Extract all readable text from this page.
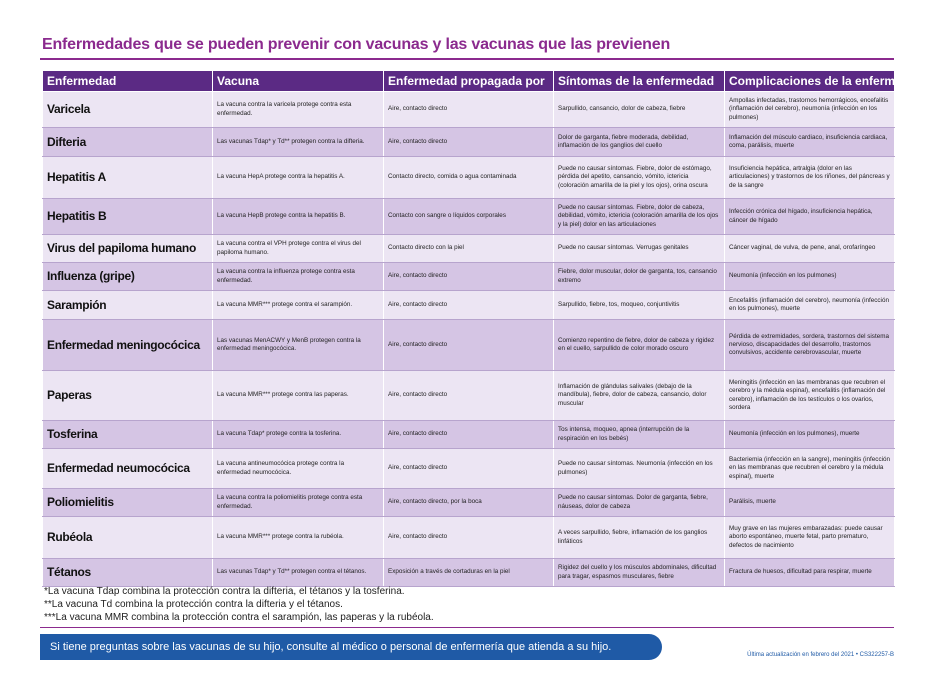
Enfermedades que se pueden prevenir con vacunas y las vacunas que las previenen
Enfermedad	Vacuna	Enfermedad propagada por	Síntomas de la enfermedad	Complicaciones de la enfermedad
Varicela	La vacuna contra la varicela protege contra esta enfermedad.	Aire, contacto directo	Sarpullido, cansancio, dolor de cabeza, fiebre	Ampollas infectadas, trastornos hemorrágicos, encefalitis (inflamación del cerebro), neumonía (infección en los pulmones)
Difteria	Las vacunas Tdap* y Td** protegen contra la difteria.	Aire, contacto directo	Dolor de garganta, fiebre moderada, debilidad, inflamación de los ganglios del cuello	Inflamación del músculo cardiaco, insuficiencia cardiaca, coma, parálisis, muerte
Hepatitis A	La vacuna HepA protege contra la hepatitis A.	Contacto directo, comida o agua contaminada	Puede no causar síntomas. Fiebre, dolor de estómago, pérdida del apetito, cansancio, vómito, ictericia (coloración amarilla de la piel y los ojos), orina oscura	Insuficiencia hepática, artralgia (dolor en las articulaciones) y trastornos de los riñones, del páncreas y de la sangre
Hepatitis B	La vacuna HepB protege contra la hepatitis B.	Contacto con sangre o líquidos corporales	Puede no causar síntomas. Fiebre, dolor de cabeza, debilidad, vómito, ictericia (coloración amarilla de los ojos y la piel) dolor en las articulaciones	Infección crónica del hígado, insuficiencia hepática, cáncer de hígado
Virus del papiloma humano	La vacuna contra el VPH protege contra el virus del papiloma humano.	Contacto directo con la piel	Puede no causar síntomas. Verrugas genitales	Cáncer vaginal, de vulva, de pene, anal, orofaríngeo
Influenza (gripe)	La vacuna contra la influenza protege contra esta enfermedad.	Aire, contacto directo	Fiebre, dolor muscular, dolor de garganta, tos, cansancio extremo	Neumonía (infección en los pulmones)
Sarampión	La vacuna MMR*** protege contra el sarampión.	Aire, contacto directo	Sarpullido, fiebre, tos, moqueo, conjuntivitis	Encefalitis (inflamación del cerebro), neumonía (infección en los pulmones), muerte
Enfermedad meningocócica	Las vacunas MenACWY y MenB protegen contra la enfermedad meningocócica.	Aire, contacto directo	Comienzo repentino de fiebre, dolor de cabeza y rigidez en el cuello, sarpullido de color morado oscuro	Pérdida de extremidades, sordera, trastornos del sistema nervioso, discapacidades del desarrollo, trastornos convulsivos, accidente cerebrovascular, muerte
Paperas	La vacuna MMR*** protege contra las paperas.	Aire, contacto directo	Inflamación de glándulas salivales (debajo de la mandíbula), fiebre, dolor de cabeza, cansancio, dolor muscular	Meningitis (infección en las membranas que recubren el cerebro y la médula espinal), encefalitis (inflamación del cerebro), inflamación de los testículos o los ovarios, sordera
Tosferina	La vacuna Tdap* protege contra la tosferina.	Aire, contacto directo	Tos intensa, moqueo, apnea (interrupción de la respiración en los bebés)	Neumonía (infección en los pulmones), muerte
Enfermedad neumocócica	La vacuna antineumocócica protege contra la enfermedad neumocócica.	Aire, contacto directo	Puede no causar síntomas. Neumonía (infección en los pulmones)	Bacteriemia (infección en la sangre), meningitis (infección en las membranas que recubren el cerebro y la médula espinal), muerte
Poliomielitis	La vacuna contra la poliomielitis protege contra esta enfermedad.	Aire, contacto directo, por la boca	Puede no causar síntomas. Dolor de garganta, fiebre, náuseas, dolor de cabeza	Parálisis, muerte
Rubéola	La vacuna MMR*** protege contra la rubéola.	Aire, contacto directo	A veces sarpullido, fiebre, inflamación de los ganglios linfáticos	Muy grave en las mujeres embarazadas: puede causar aborto espontáneo, muerte fetal, parto prematuro, defectos de nacimiento
Tétanos	Las vacunas Tdap* y Td** protegen contra el tétanos.	Exposición a través de cortaduras en la piel	Rigidez del cuello y los músculos abdominales, dificultad para tragar, espasmos musculares, fiebre	Fractura de huesos, dificultad para respirar, muerte
*La vacuna Tdap combina la protección contra la difteria, el tétanos y la tosferina.
**La vacuna Td combina la protección contra la difteria y el tétanos.
***La vacuna MMR combina la protección contra el sarampión, las paperas y la rubéola.
Si tiene preguntas sobre las vacunas de su hijo, consulte al médico o personal de enfermería que atienda a su hijo.
Última actualización en febrero del 2021 • CS322257-B
